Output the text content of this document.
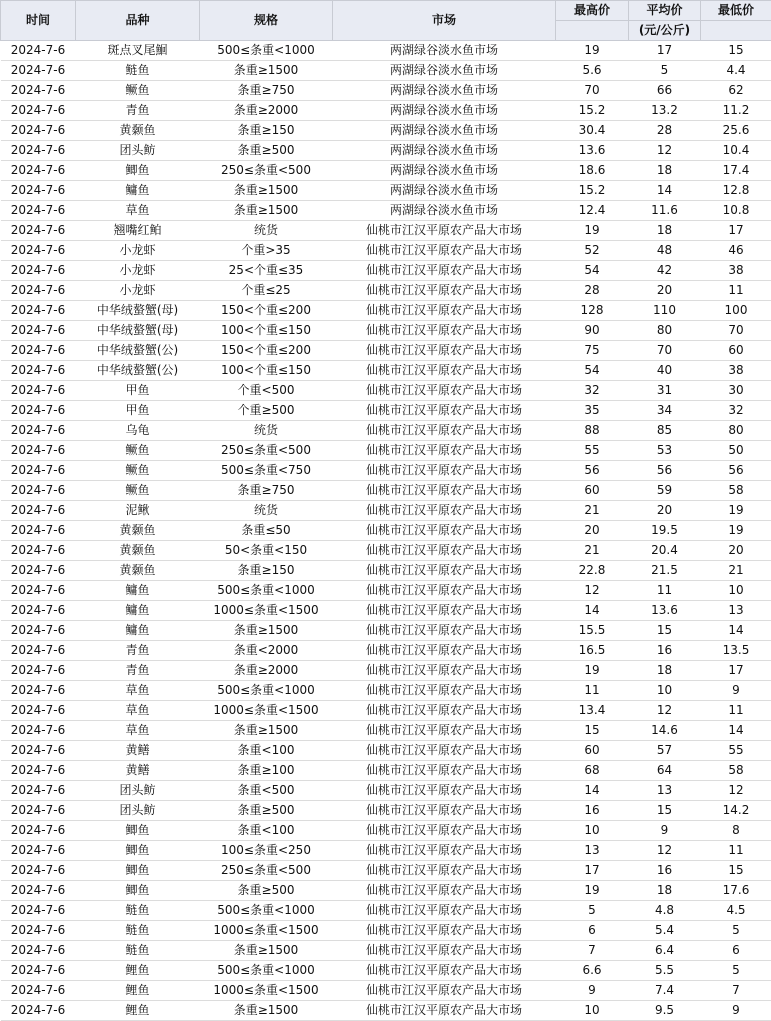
时间	品种	规格	市场	最高价	平均价	最低价
					(元/公斤)	
2024-7-6	斑点叉尾鮰	500≤条重<1000	两湖绿谷淡水鱼市场	19	17	15
2024-7-6	鲢鱼	条重≥1500	两湖绿谷淡水鱼市场	5.6	5	4.4
2024-7-6	鳜鱼	条重≥750	两湖绿谷淡水鱼市场	70	66	62
2024-7-6	青鱼	条重≥2000	两湖绿谷淡水鱼市场	15.2	13.2	11.2
2024-7-6	黄颡鱼	条重≥150	两湖绿谷淡水鱼市场	30.4	28	25.6
2024-7-6	团头鲂	条重≥500	两湖绿谷淡水鱼市场	13.6	12	10.4
2024-7-6	鲫鱼	250≤条重<500	两湖绿谷淡水鱼市场	18.6	18	17.4
2024-7-6	鳙鱼	条重≥1500	两湖绿谷淡水鱼市场	15.2	14	12.8
2024-7-6	草鱼	条重≥1500	两湖绿谷淡水鱼市场	12.4	11.6	10.8
2024-7-6	翘嘴红鲌	统货	仙桃市江汉平原农产品大市场	19	18	17
2024-7-6	小龙虾	个重>35	仙桃市江汉平原农产品大市场	52	48	46
2024-7-6	小龙虾	25<个重≤35	仙桃市江汉平原农产品大市场	54	42	38
2024-7-6	小龙虾	个重≤25	仙桃市江汉平原农产品大市场	28	20	11
2024-7-6	中华绒螯蟹(母)	150<个重≤200	仙桃市江汉平原农产品大市场	128	110	100
2024-7-6	中华绒螯蟹(母)	100<个重≤150	仙桃市江汉平原农产品大市场	90	80	70
2024-7-6	中华绒螯蟹(公)	150<个重≤200	仙桃市江汉平原农产品大市场	75	70	60
2024-7-6	中华绒螯蟹(公)	100<个重≤150	仙桃市江汉平原农产品大市场	54	40	38
2024-7-6	甲鱼	个重<500	仙桃市江汉平原农产品大市场	32	31	30
2024-7-6	甲鱼	个重≥500	仙桃市江汉平原农产品大市场	35	34	32
2024-7-6	乌龟	统货	仙桃市江汉平原农产品大市场	88	85	80
2024-7-6	鳜鱼	250≤条重<500	仙桃市江汉平原农产品大市场	55	53	50
2024-7-6	鳜鱼	500≤条重<750	仙桃市江汉平原农产品大市场	56	56	56
2024-7-6	鳜鱼	条重≥750	仙桃市江汉平原农产品大市场	60	59	58
2024-7-6	泥鳅	统货	仙桃市江汉平原农产品大市场	21	20	19
2024-7-6	黄颡鱼	条重≤50	仙桃市江汉平原农产品大市场	20	19.5	19
2024-7-6	黄颡鱼	50<条重<150	仙桃市江汉平原农产品大市场	21	20.4	20
2024-7-6	黄颡鱼	条重≥150	仙桃市江汉平原农产品大市场	22.8	21.5	21
2024-7-6	鳙鱼	500≤条重<1000	仙桃市江汉平原农产品大市场	12	11	10
2024-7-6	鳙鱼	1000≤条重<1500	仙桃市江汉平原农产品大市场	14	13.6	13
2024-7-6	鳙鱼	条重≥1500	仙桃市江汉平原农产品大市场	15.5	15	14
2024-7-6	青鱼	条重<2000	仙桃市江汉平原农产品大市场	16.5	16	13.5
2024-7-6	青鱼	条重≥2000	仙桃市江汉平原农产品大市场	19	18	17
2024-7-6	草鱼	500≤条重<1000	仙桃市江汉平原农产品大市场	11	10	9
2024-7-6	草鱼	1000≤条重<1500	仙桃市江汉平原农产品大市场	13.4	12	11
2024-7-6	草鱼	条重≥1500	仙桃市江汉平原农产品大市场	15	14.6	14
2024-7-6	黄鳝	条重<100	仙桃市江汉平原农产品大市场	60	57	55
2024-7-6	黄鳝	条重≥100	仙桃市江汉平原农产品大市场	68	64	58
2024-7-6	团头鲂	条重<500	仙桃市江汉平原农产品大市场	14	13	12
2024-7-6	团头鲂	条重≥500	仙桃市江汉平原农产品大市场	16	15	14.2
2024-7-6	鲫鱼	条重<100	仙桃市江汉平原农产品大市场	10	9	8
2024-7-6	鲫鱼	100≤条重<250	仙桃市江汉平原农产品大市场	13	12	11
2024-7-6	鲫鱼	250≤条重<500	仙桃市江汉平原农产品大市场	17	16	15
2024-7-6	鲫鱼	条重≥500	仙桃市江汉平原农产品大市场	19	18	17.6
2024-7-6	鲢鱼	500≤条重<1000	仙桃市江汉平原农产品大市场	5	4.8	4.5
2024-7-6	鲢鱼	1000≤条重<1500	仙桃市江汉平原农产品大市场	6	5.4	5
2024-7-6	鲢鱼	条重≥1500	仙桃市江汉平原农产品大市场	7	6.4	6
2024-7-6	鲤鱼	500≤条重<1000	仙桃市江汉平原农产品大市场	6.6	5.5	5
2024-7-6	鲤鱼	1000≤条重<1500	仙桃市江汉平原农产品大市场	9	7.4	7
2024-7-6	鲤鱼	条重≥1500	仙桃市江汉平原农产品大市场	10	9.5	9
